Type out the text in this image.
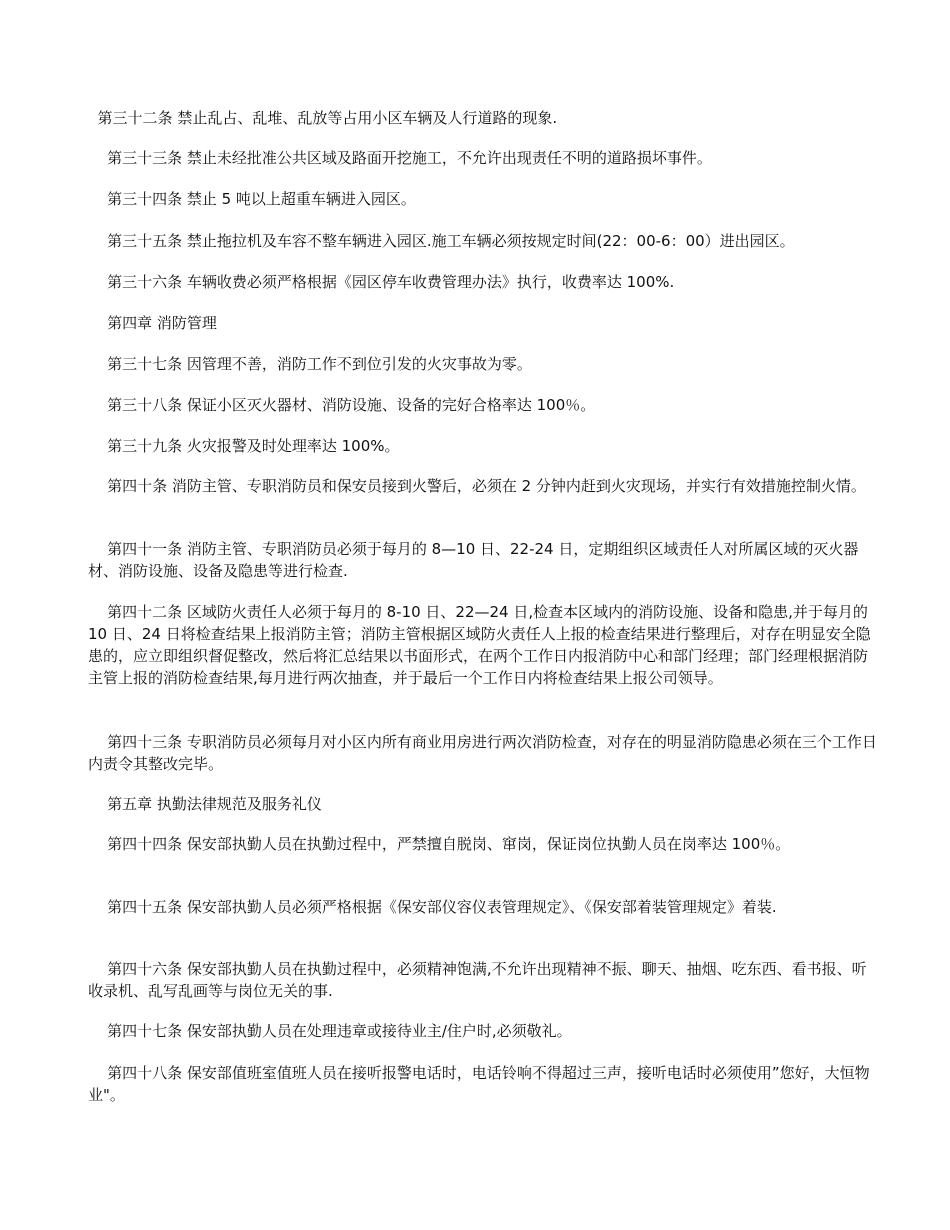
第三十二条 禁止乱占、乱堆、乱放等占用小区车辆及人行道路的现象.

第三十三条 禁止未经批准公共区域及路面开挖施工，不允许出现责任不明的道路损坏事件。

第三十四条 禁止 5 吨以上超重车辆进入园区。

第三十五条 禁止拖拉机及车容不整车辆进入园区.施工车辆必须按规定时间(22：00-6：00）进出园区。

第三十六条 车辆收费必须严格根据《园区停车收费管理办法》执行，收费率达 100%.

第四章 消防管理

第三十七条 因管理不善，消防工作不到位引发的火灾事故为零。

第三十八条 保证小区灭火器材、消防设施、设备的完好合格率达 100％。

第三十九条 火灾报警及时处理率达 100%。

第四十条 消防主管、专职消防员和保安员接到火警后，必须在 2 分钟内赶到火灾现场，并实行有效措施控制火情。

第四十一条 消防主管、专职消防员必须于每月的 8—10 日、22-24 日，定期组织区域责任人对所属区域的灭火器材、消防设施、设备及隐患等进行检查.

第四十二条 区域防火责任人必须于每月的 8-10 日、22—24 日,检查本区域内的消防设施、设备和隐患,并于每月的 10 日、24 日将检查结果上报消防主管；消防主管根据区域防火责任人上报的检查结果进行整理后，对存在明显安全隐患的，应立即组织督促整改，然后将汇总结果以书面形式，在两个工作日内报消防中心和部门经理；部门经理根据消防主管上报的消防检查结果,每月进行两次抽查，并于最后一个工作日内将检查结果上报公司领导。

第四十三条 专职消防员必须每月对小区内所有商业用房进行两次消防检查，对存在的明显消防隐患必须在三个工作日内责令其整改完毕。

第五章 执勤法律规范及服务礼仪

第四十四条 保安部执勤人员在执勤过程中，严禁擅自脱岗、窜岗，保证岗位执勤人员在岗率达 100％。

第四十五条 保安部执勤人员必须严格根据《保安部仪容仪表管理规定》、《保安部着装管理规定》着装.

第四十六条 保安部执勤人员在执勤过程中，必须精神饱满,不允许出现精神不振、聊天、抽烟、吃东西、看书报、听收录机、乱写乱画等与岗位无关的事.

第四十七条 保安部执勤人员在处理违章或接待业主/住户时,必须敬礼。

第四十八条 保安部值班室值班人员在接听报警电话时，电话铃响不得超过三声，接听电话时必须使用”您好，大恒物业"。
